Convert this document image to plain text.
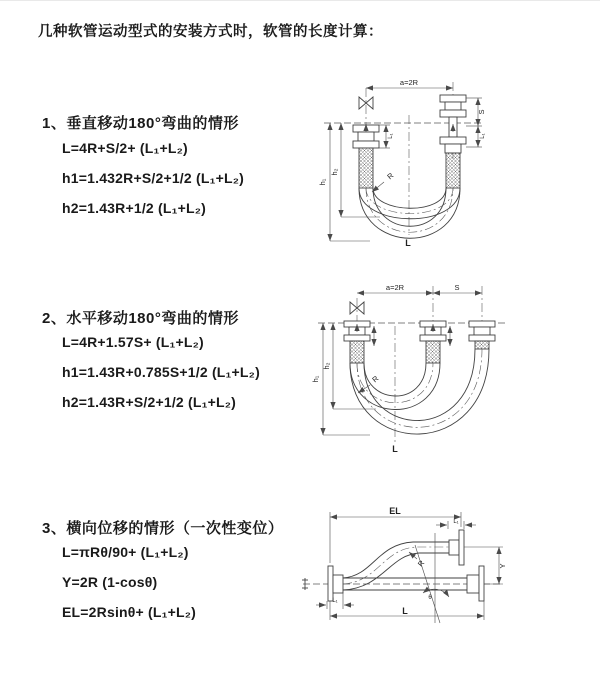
几种软管运动型式的安装方式时，软管的长度计算：
1、垂直移动180°弯曲的情形
L=4R+S/2+ (L₁+L₂)
h1=1.432R+S/2+1/2 (L₁+L₂)
h2=1.43R+1/2 (L₁+L₂)
2、水平移动180°弯曲的情形
L=4R+1.57S+ (L₁+L₂)
h1=1.43R+0.785S+1/2 (L₁+L₂)
h2=1.43R+S/2+1/2 (L₁+L₂)
3、横向位移的情形（一次性变位）
L=πRθ/90+ (L₁+L₂)
Y=2R (1-cosθ)
EL=2Rsinθ+ (L₁+L₂)
a=2R
S
L₁
L₁
h₁
h₂	R
L
a=2R	S
h₁
h₂
R
L
θ
EL
L₁
Y
R
L
L₁
